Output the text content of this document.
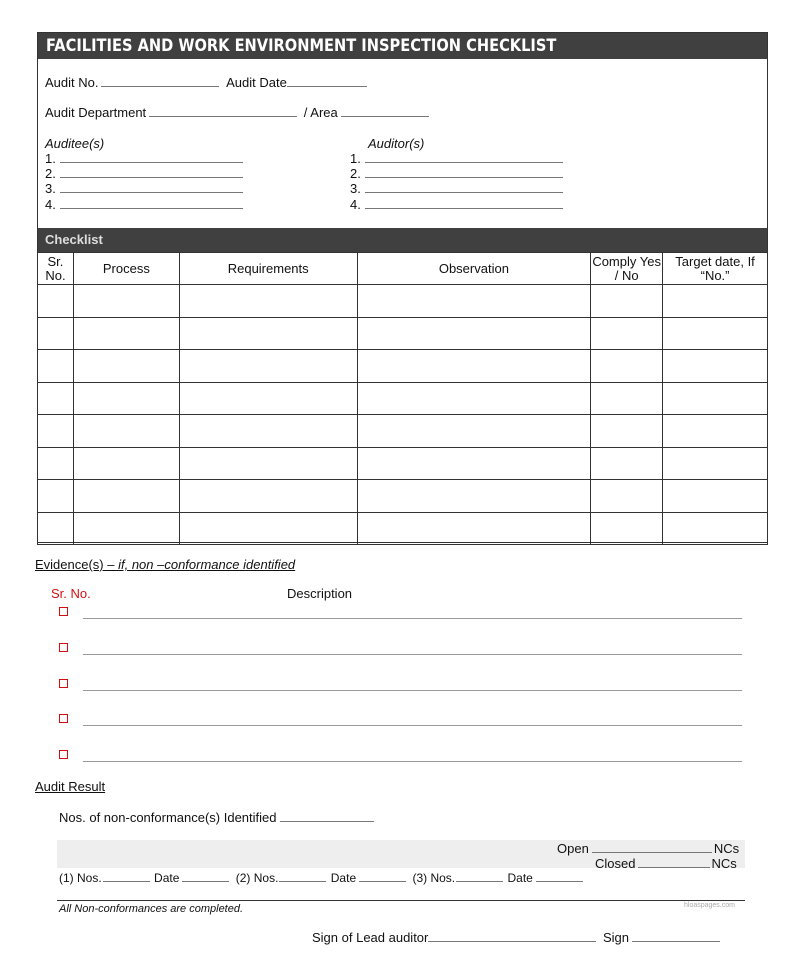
FACILITIES AND WORK ENVIRONMENT INSPECTION CHECKLIST
Audit No.	Audit Date
Audit Department	/ Area
Auditee(s)	Auditor(s)
1.
2.
3.
4.
1.
2.
3.
4.
Checklist
Sr. No.	Process	Requirements	Observation	Comply Yes / No	Target date, If “No.”

Evidence(s) – if, non –conformance identified
Sr. No.	Description
Audit Result
Nos. of non-conformance(s) Identified
Open	NCs
Closed	NCs
(1) Nos.	Date	(2) Nos.	Date	(3) Nos.	Date
All Non-conformances are completed.	hloaspages.com
Sign of Lead auditor	Sign
